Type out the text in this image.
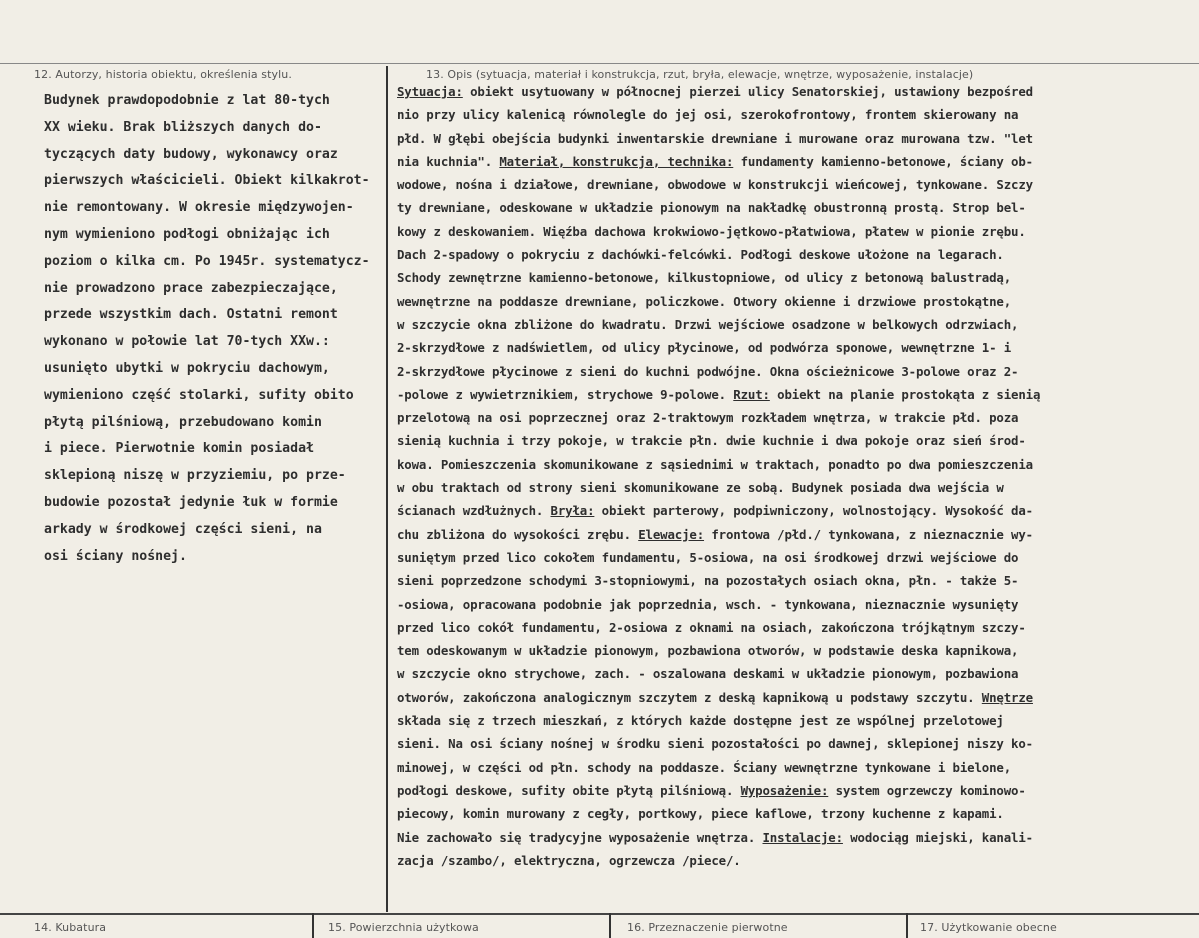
12. Autorzy, historia obiektu, określenia stylu.	13. Opis (sytuacja, materiał i konstrukcja, rzut, bryła, elewacje, wnętrze, wyposażenie, instalacje)
Budynek prawdopodobnie z lat 80-tych
XX wieku. Brak bliższych danych do-
tyczących daty budowy, wykonawcy oraz
pierwszych właścicieli. Obiekt kilkakrot-
nie remontowany. W okresie międzywojen-
nym wymieniono podłogi obniżając ich
poziom o kilka cm. Po 1945r. systematycz-
nie prowadzono prace zabezpieczające,
przede wszystkim dach. Ostatni remont
wykonano w połowie lat 70-tych XXw.:
usunięto ubytki w pokryciu dachowym,
wymieniono część stolarki, sufity obito
płytą pilśniową, przebudowano komin
i piece. Pierwotnie komin posiadał
sklepioną niszę w przyziemiu, po prze-
budowie pozostał jedynie łuk w formie
arkady w środkowej części sieni, na
osi ściany nośnej.
Sytuacja: obiekt usytuowany w północnej pierzei ulicy Senatorskiej, ustawiony bezpośred
nio przy ulicy kalenicą równolegle do jej osi, szerokofrontowy, frontem skierowany na
płd. W głębi obejścia budynki inwentarskie drewniane i murowane oraz murowana tzw. "let
nia kuchnia". Materiał, konstrukcja, technika: fundamenty kamienno-betonowe, ściany ob-
wodowe, nośna i działowe, drewniane, obwodowe w konstrukcji wieńcowej, tynkowane. Szczy
ty drewniane, odeskowane w układzie pionowym na nakładkę obustronną prostą. Strop bel-
kowy z deskowaniem. Więźba dachowa krokwiowo-jętkowo-płatwiowa, płatew w pionie zrębu.
Dach 2-spadowy o pokryciu z dachówki-felcówki. Podłogi deskowe ułożone na legarach.
Schody zewnętrzne kamienno-betonowe, kilkustopniowe, od ulicy z betonową balustradą,
wewnętrzne na poddasze drewniane, policzkowe. Otwory okienne i drzwiowe prostokątne,
w szczycie okna zbliżone do kwadratu. Drzwi wejściowe osadzone w belkowych odrzwiach,
2-skrzydłowe z nadświetlem, od ulicy płycinowe, od podwórza sponowe, wewnętrzne 1- i
2-skrzydłowe płycinowe z sieni do kuchni podwójne. Okna ościeżnicowe 3-polowe oraz 2-
-polowe z wywietrznikiem, strychowe 9-polowe. Rzut: obiekt na planie prostokąta z sienią
przelotową na osi poprzecznej oraz 2-traktowym rozkładem wnętrza, w trakcie płd. poza
sienią kuchnia i trzy pokoje, w trakcie płn. dwie kuchnie i dwa pokoje oraz sień środ-
kowa. Pomieszczenia skomunikowane z sąsiednimi w traktach, ponadto po dwa pomieszczenia
w obu traktach od strony sieni skomunikowane ze sobą. Budynek posiada dwa wejścia w
ścianach wzdłużnych. Bryła: obiekt parterowy, podpiwniczony, wolnostojący. Wysokość da-
chu zbliżona do wysokości zrębu. Elewacje: frontowa /płd./ tynkowana, z nieznacznie wy-
suniętym przed lico cokołem fundamentu, 5-osiowa, na osi środkowej drzwi wejściowe do
sieni poprzedzone schodymi 3-stopniowymi, na pozostałych osiach okna, płn. - także 5-
-osiowa, opracowana podobnie jak poprzednia, wsch. - tynkowana, nieznacznie wysunięty
przed lico cokół fundamentu, 2-osiowa z oknami na osiach, zakończona trójkątnym szczy-
tem odeskowanym w układzie pionowym, pozbawiona otworów, w podstawie deska kapnikowa,
w szczycie okno strychowe, zach. - oszalowana deskami w układzie pionowym, pozbawiona
otworów, zakończona analogicznym szczytem z deską kapnikową u podstawy szczytu. Wnętrze
składa się z trzech mieszkań, z których każde dostępne jest ze wspólnej przelotowej
sieni. Na osi ściany nośnej w środku sieni pozostałości po dawnej, sklepionej niszy ko-
minowej, w części od płn. schody na poddasze. Ściany wewnętrzne tynkowane i bielone,
podłogi deskowe, sufity obite płytą pilśniową. Wyposażenie: system ogrzewczy kominowo-
piecowy, komin murowany z cegły, portkowy, piece kaflowe, trzony kuchenne z kapami.
Nie zachowało się tradycyjne wyposażenie wnętrza. Instalacje: wodociąg miejski, kanali-
zacja /szambo/, elektryczna, ogrzewcza /piece/.
14. Kubatura	15. Powierzchnia użytkowa	16. Przeznaczenie pierwotne	17. Użytkowanie obecne
